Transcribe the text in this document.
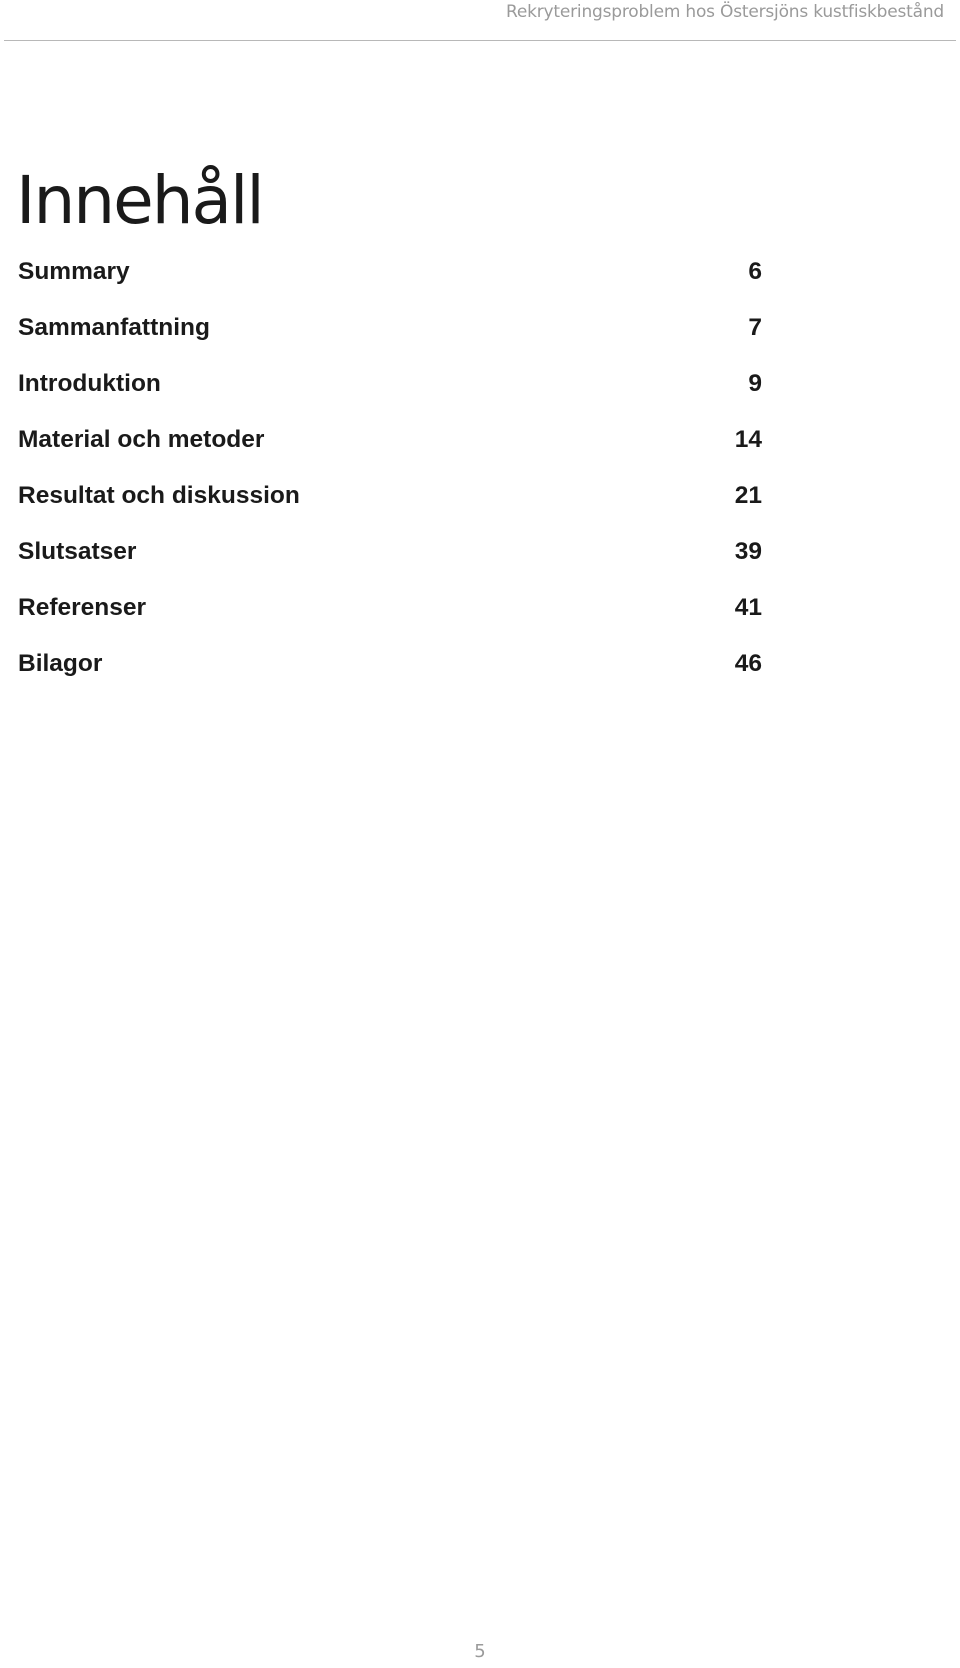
Rekryteringsproblem hos Östersjöns kustfiskbestånd
Innehåll
Summary	6
Sammanfattning	7
Introduktion	9
Material och metoder	14
Resultat och diskussion	21
Slutsatser	39
Referenser	41
Bilagor	46
5
